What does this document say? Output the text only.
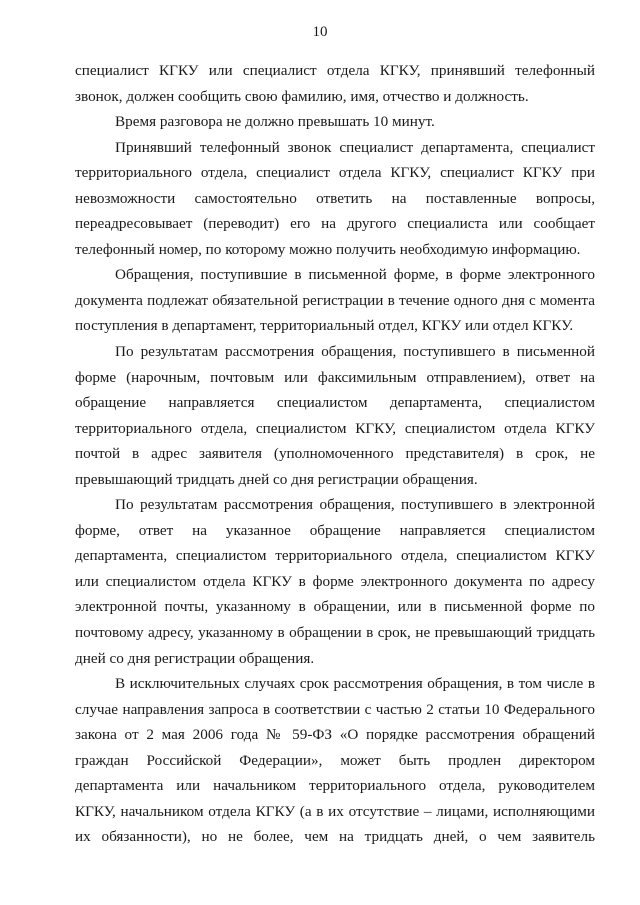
10
специалист КГКУ или специалист отдела КГКУ, принявший телефонный
звонок, должен сообщить свою фамилию, имя, отчество и должность.
Время разговора не должно превышать 10 минут.
Принявший телефонный звонок специалист департамента, специалист
территориального отдела, специалист отдела КГКУ, специалист КГКУ при
невозможности самостоятельно ответить на поставленные вопросы,
переадресовывает (переводит) его на другого специалиста или сообщает
телефонный номер, по которому можно получить необходимую информацию.
Обращения, поступившие в письменной форме, в форме электронного
документа подлежат обязательной регистрации в течение одного дня с момента
поступления в департамент, территориальный отдел, КГКУ или отдел КГКУ.
По результатам рассмотрения обращения, поступившего в письменной
форме (нарочным, почтовым или факсимильным отправлением), ответ на
обращение направляется специалистом департамента, специалистом
территориального отдела, специалистом КГКУ, специалистом отдела КГКУ
почтой в адрес заявителя (уполномоченного представителя) в срок, не
превышающий тридцать дней со дня регистрации обращения.
По результатам рассмотрения обращения, поступившего в электронной
форме, ответ на указанное обращение направляется специалистом
департамента, специалистом территориального отдела, специалистом КГКУ
или специалистом отдела КГКУ в форме электронного документа по адресу
электронной почты, указанному в обращении, или в письменной форме по
почтовому адресу, указанному в обращении в срок, не превышающий тридцать
дней со дня регистрации обращения.
В исключительных случаях срок рассмотрения обращения, в том числе в
случае направления запроса в соответствии с частью 2 статьи 10 Федерального
закона от 2 мая 2006 года № 59-ФЗ «О порядке рассмотрения обращений
граждан Российской Федерации», может быть продлен директором
департамента или начальником территориального отдела, руководителем
КГКУ, начальником отдела КГКУ (а в их отсутствие – лицами, исполняющими
их обязанности), но не более, чем на тридцать дней, о чем заявитель
